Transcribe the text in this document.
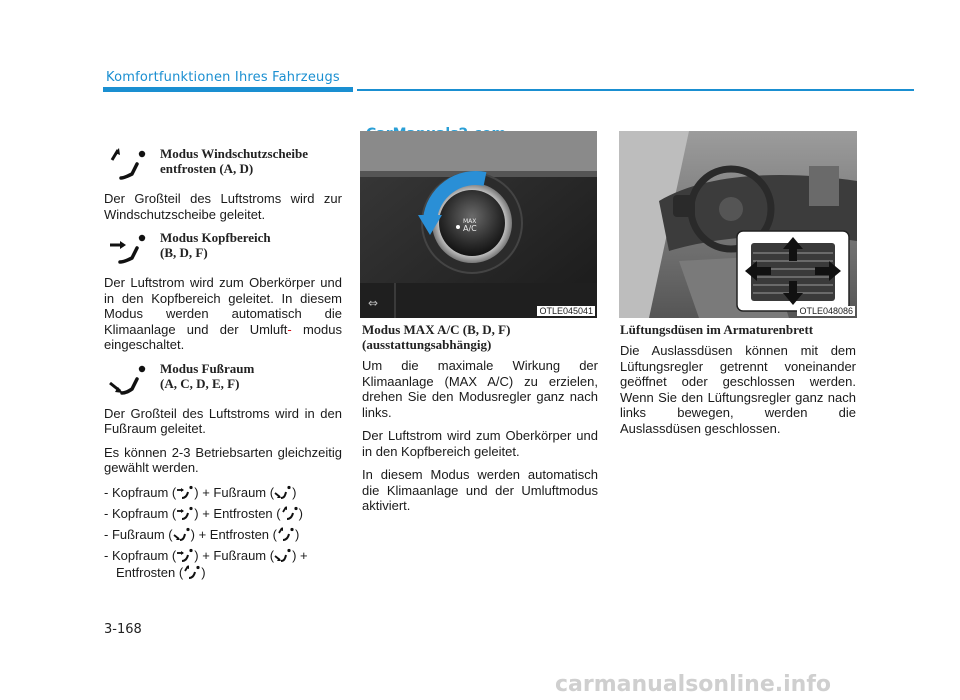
Komfortfunktionen Ihres Fahrzeugs
Modus Windschutzscheibe entfrosten (A, D)

Der Großteil des Luftstroms wird zur Windschutzscheibe geleitet.

Modus Kopfbereich
(B, D, F)

Der Luftstrom wird zum Oberkörper und in den Kopfbereich geleitet. In diesem Modus werden automatisch die Klimaanlage und der Umluft- modus eingeschaltet.

Modus Fußraum
(A, C, D, E, F)

Der Großteil des Luftstroms wird in den Fußraum geleitet.

Es können 2-3 Betriebsarten gleichzeitig gewählt werden.

- Kopfraum ( ) + Fußraum ( )
- Kopfraum ( ) + Entfrosten ( )
- Fußraum ( ) + Entfrosten ( )
- Kopfraum ( ) + Fußraum ( ) +
Entfrosten ( )
⇔
MAX
A/C
OTLE045041
Modus MAX A/C (B, D, F)
(ausstattungsabhängig)

Um die maximale Wirkung der Klimaanlage (MAX A/C) zu erzielen, drehen Sie den Modusregler ganz nach links.

Der Luftstrom wird zum Oberkörper und in den Kopfbereich geleitet.

In diesem Modus werden automatisch die Klimaanlage und der Umluftmodus aktiviert.

OTLE048086
Lüftungsdüsen im Armaturenbrett

Die Auslassdüsen können mit dem Lüftungsregler getrennt voneinander geöffnet oder geschlossen werden. Wenn Sie den Lüftungsregler ganz nach links bewegen, werden die Auslassdüsen geschlossen.

3-168
carmanualsonline.info
